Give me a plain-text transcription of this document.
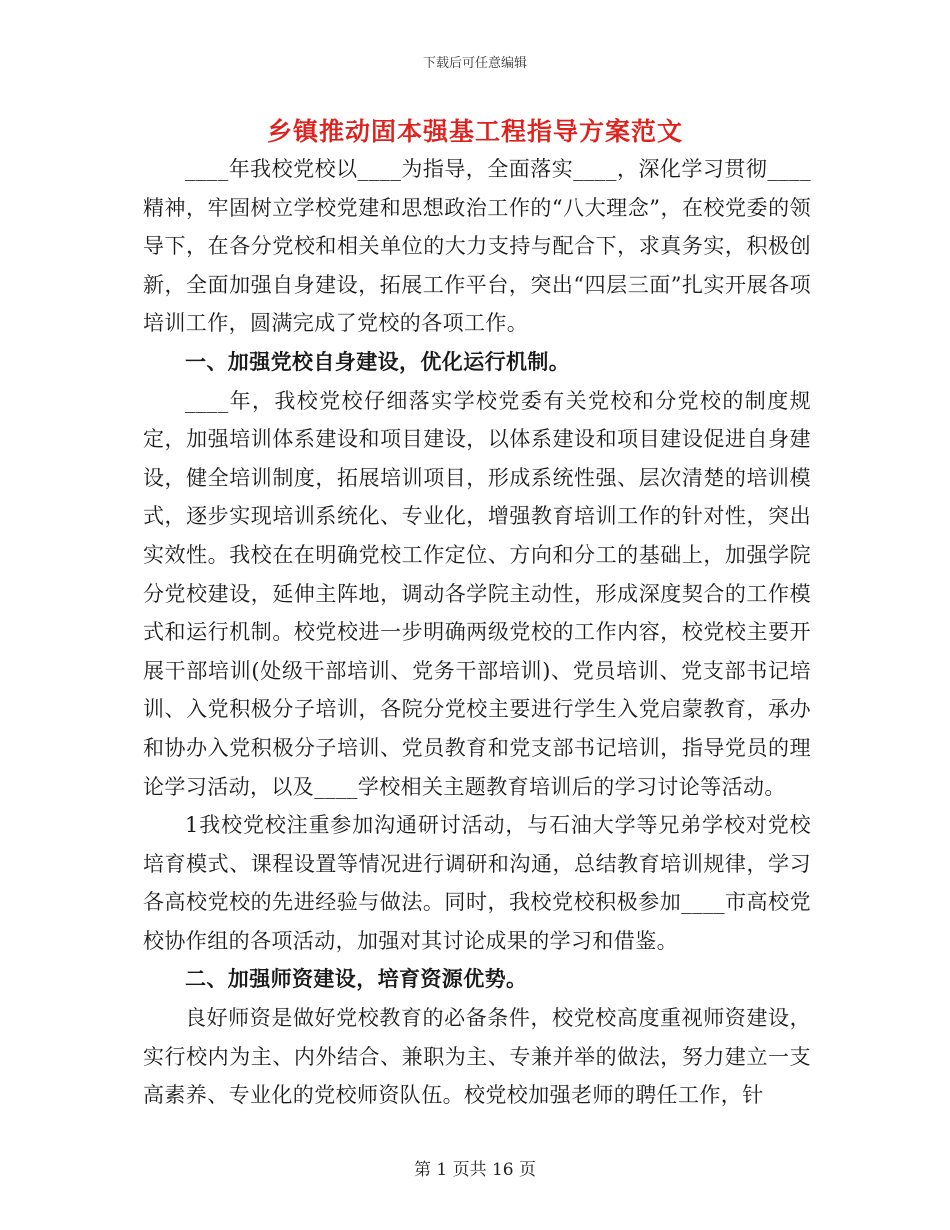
下载后可任意编辑
乡镇推动固本强基工程指导方案范文

____年我校党校以____为指导，全面落实____，深化学习贯彻____精神，牢固树立学校党建和思想政治工作的“八大理念”，在校党委的领导下，在各分党校和相关单位的大力支持与配合下，求真务实，积极创新，全面加强自身建设，拓展工作平台，突出“四层三面”扎实开展各项培训工作，圆满完成了党校的各项工作。

一、加强党校自身建设，优化运行机制。

____年，我校党校仔细落实学校党委有关党校和分党校的制度规定，加强培训体系建设和项目建设，以体系建设和项目建设促进自身建设，健全培训制度，拓展培训项目，形成系统性强、层次清楚的培训模式，逐步实现培训系统化、专业化，增强教育培训工作的针对性，突出实效性。我校在在明确党校工作定位、方向和分工的基础上，加强学院分党校建设，延伸主阵地，调动各学院主动性，形成深度契合的工作模式和运行机制。校党校进一步明确两级党校的工作内容，校党校主要开展干部培训(处级干部培训、党务干部培训)、党员培训、党支部书记培训、入党积极分子培训，各院分党校主要进行学生入党启蒙教育，承办和协办入党积极分子培训、党员教育和党支部书记培训，指导党员的理论学习活动，以及____学校相关主题教育培训后的学习讨论等活动。

1我校党校注重参加沟通研讨活动，与石油大学等兄弟学校对党校培育模式、课程设置等情况进行调研和沟通，总结教育培训规律，学习各高校党校的先进经验与做法。同时，我校党校积极参加____市高校党校协作组的各项活动，加强对其讨论成果的学习和借鉴。

二、加强师资建设，培育资源优势。

良好师资是做好党校教育的必备条件，校党校高度重视师资建设，实行校内为主、内外结合、兼职为主、专兼并举的做法，努力建立一支高素养、专业化的党校师资队伍。校党校加强老师的聘任工作，针

第 1 页共 16 页
